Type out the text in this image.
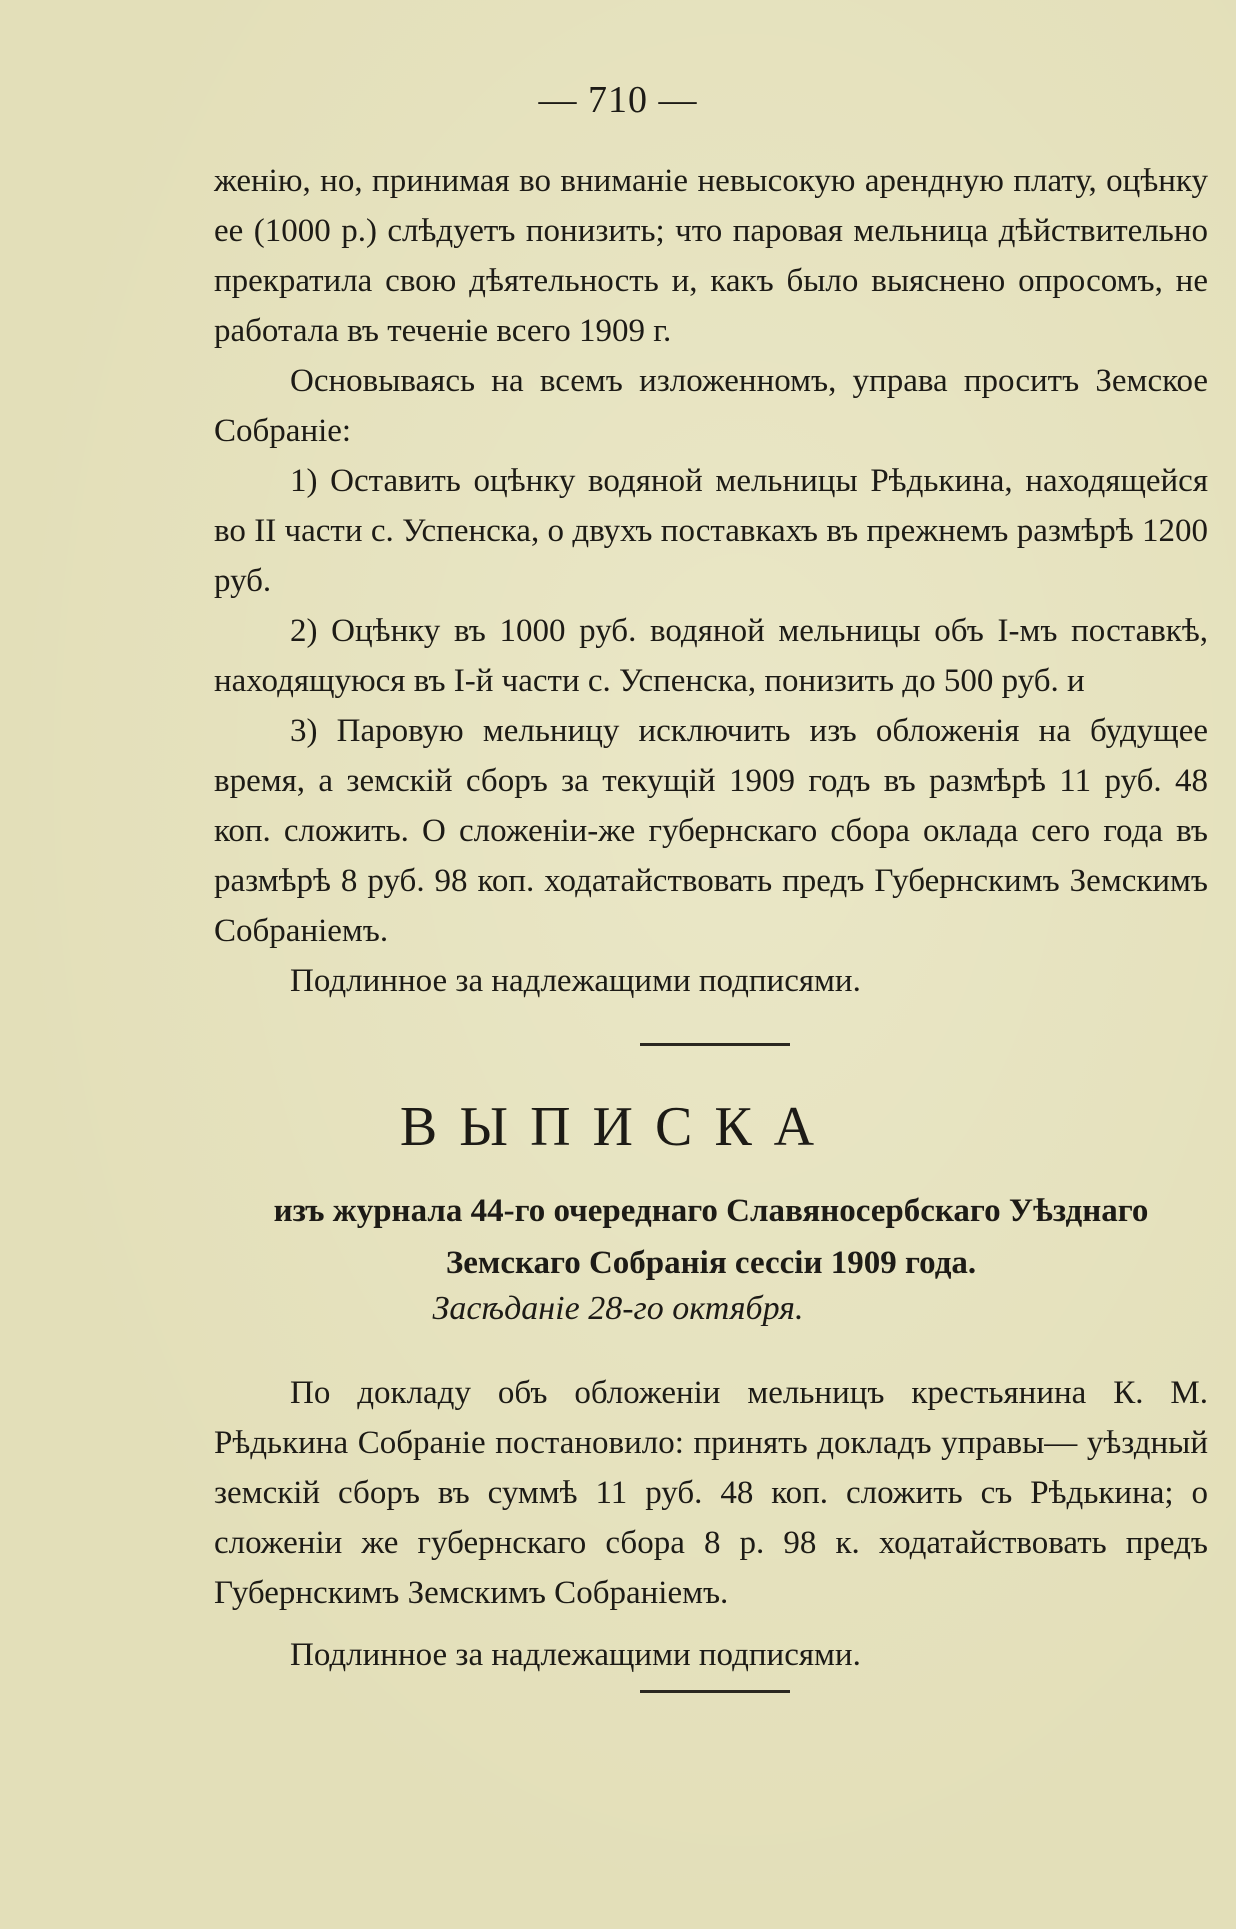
— 710 —

женію, но, принимая во вниманіе невысокую арендную плату, оцѣнку ее (1000 р.) слѣдуетъ понизить; что паровая мельница дѣйствительно прекратила свою дѣятельность и, какъ было выяснено опросомъ, не работала въ теченіе всего 1909 г.

Основываясь на всемъ изложенномъ, управа проситъ Земское Собраніе:

1) Оставить оцѣнку водяной мельницы Рѣдькина, находящейся во II части с. Успенска, о двухъ поставкахъ въ прежнемъ размѣрѣ 1200 руб.

2) Оцѣнку въ 1000 руб. водяной мельницы объ I-мъ поставкѣ, находящуюся въ I-й части с. Успенска, понизить до 500 руб. и

3) Паровую мельницу исключить изъ обложенія на будущее время, а земскій сборъ за текущій 1909 годъ въ размѣрѣ 11 руб. 48 коп. сложить. О сложеніи-же губернскаго сбора оклада сего года въ размѣрѣ 8 руб. 98 коп. ходатайствовать предъ Губернскимъ Земскимъ Собраніемъ.

Подлинное за надлежащими подписями.

ВЫПИСКА
изъ журнала 44-го очереднаго Славяносербскаго Уѣзднаго Земскаго Собранія сессіи 1909 года.
Засѣданіе 28-го октября.

По докладу объ обложеніи мельницъ крестьянина К. М. Рѣдькина Собраніе постановило: принять докладъ управы— уѣздный земскій сборъ въ суммѣ 11 руб. 48 коп. сложить съ Рѣдькина; о сложеніи же губернскаго сбора 8 р. 98 к. ходатайствовать предъ Губернскимъ Земскимъ Собраніемъ.

Подлинное за надлежащими подписями.
